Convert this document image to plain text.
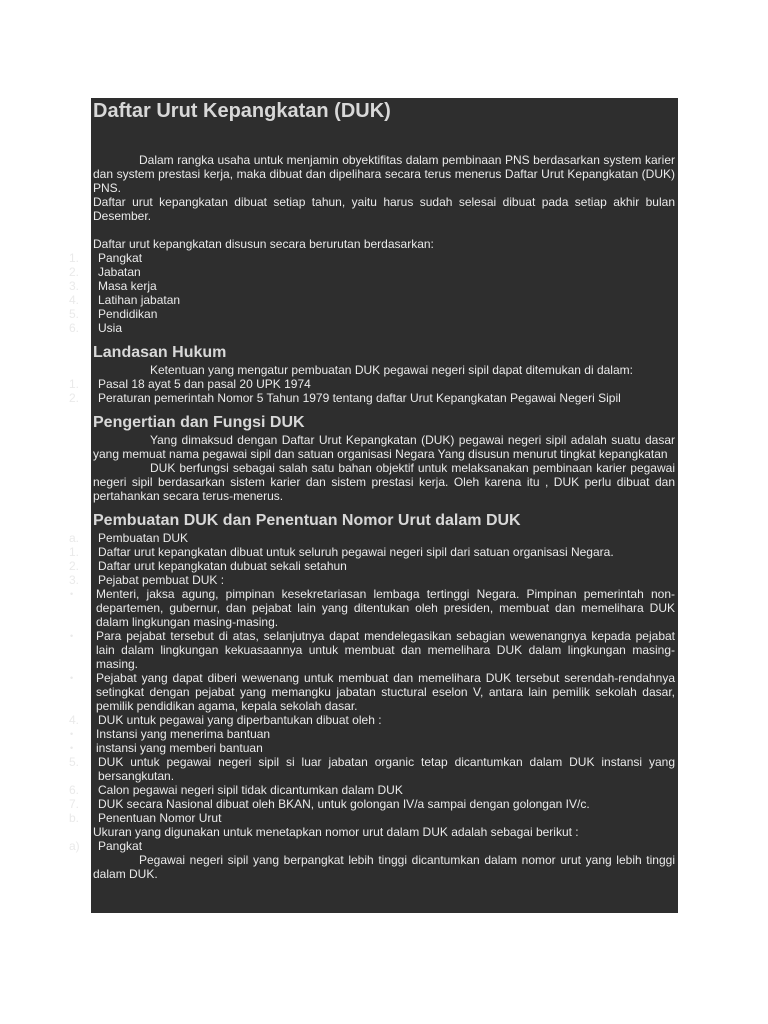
Daftar Urut Kepangkatan (DUK)
Dalam rangka usaha untuk menjamin obyektifitas dalam pembinaan PNS berdasarkan system karier dan system prestasi kerja, maka dibuat dan dipelihara secara terus menerus Daftar Urut Kepangkatan (DUK) PNS.
Daftar urut kepangkatan dibuat setiap tahun, yaitu harus sudah selesai dibuat pada setiap akhir bulan Desember.
Daftar urut kepangkatan disusun secara berurutan berdasarkan:
1. Pangkat
2. Jabatan
3. Masa kerja
4. Latihan jabatan
5. Pendidikan
6. Usia
Landasan Hukum
Ketentuan yang mengatur pembuatan DUK pegawai negeri sipil dapat ditemukan di dalam:
1. Pasal 18 ayat 5 dan pasal 20 UPK 1974
2. Peraturan pemerintah Nomor 5 Tahun 1979 tentang daftar Urut Kepangkatan Pegawai Negeri Sipil
Pengertian dan Fungsi DUK
Yang dimaksud dengan Daftar Urut Kepangkatan (DUK) pegawai negeri sipil adalah suatu dasar yang memuat nama pegawai sipil dan satuan organisasi Negara Yang disusun menurut tingkat kepangkatan
DUK berfungsi sebagai salah satu bahan objektif untuk melaksanakan pembinaan karier pegawai negeri sipil berdasarkan sistem karier dan sistem prestasi kerja. Oleh karena itu , DUK perlu dibuat dan pertahankan secara terus-menerus.
Pembuatan DUK dan Penentuan Nomor Urut dalam DUK
a. Pembuatan DUK
1. Daftar urut kepangkatan dibuat untuk seluruh pegawai negeri sipil dari satuan organisasi Negara.
2. Daftar urut kepangkatan dubuat sekali setahun
3. Pejabat pembuat DUK :
• Menteri, jaksa agung, pimpinan kesekretariasan lembaga tertinggi Negara. Pimpinan pemerintah non-departemen, gubernur, dan pejabat lain yang ditentukan oleh presiden, membuat dan memelihara DUK dalam lingkungan masing-masing.
• Para pejabat tersebut di atas, selanjutnya dapat mendelegasikan sebagian wewenangnya kepada pejabat lain dalam lingkungan kekuasaannya untuk membuat dan memelihara DUK dalam lingkungan masing-masing.
• Pejabat yang dapat diberi wewenang untuk membuat dan memelihara DUK tersebut serendah-rendahnya setingkat dengan pejabat yang memangku jabatan stuctural eselon V, antara lain pemilik sekolah dasar, pemilik pendidikan agama, kepala sekolah dasar.
4. DUK untuk pegawai yang diperbantukan dibuat oleh :
• Instansi yang menerima bantuan
• instansi yang memberi bantuan
5. DUK untuk pegawai negeri sipil si luar jabatan organic tetap dicantumkan dalam DUK instansi yang bersangkutan.
6. Calon pegawai negeri sipil tidak dicantumkan dalam DUK
7. DUK secara Nasional dibuat oleh BKAN, untuk golongan IV/a sampai dengan golongan IV/c.
b. Penentuan Nomor Urut
Ukuran yang digunakan untuk menetapkan nomor urut dalam DUK adalah sebagai berikut :
a) Pangkat
Pegawai negeri sipil yang berpangkat lebih tinggi dicantumkan dalam nomor urut yang lebih tinggi dalam DUK.
